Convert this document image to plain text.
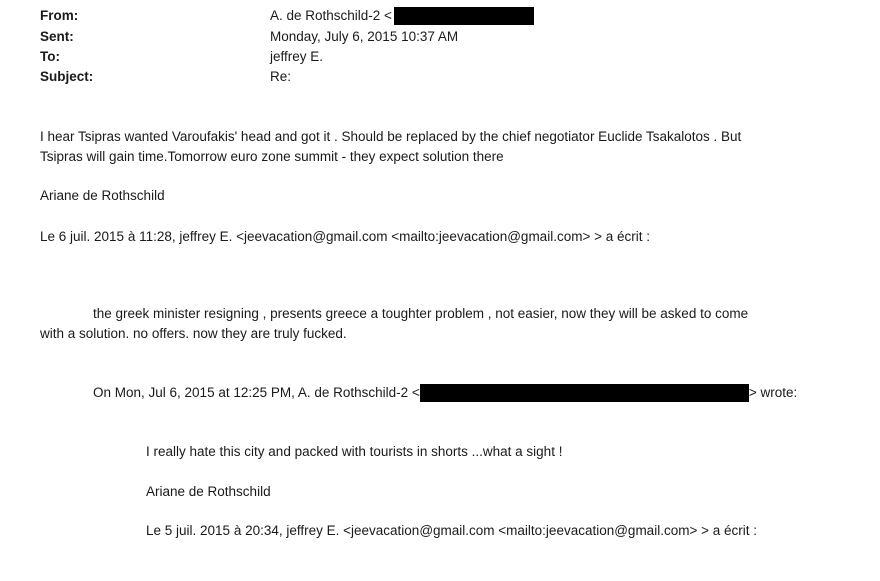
From:	A. de Rothschild-2 <
Sent:	Monday, July 6, 2015 10:37 AM
To:	jeffrey E.
Subject:	Re:
I hear Tsipras wanted Varoufakis' head and got it . Should be replaced by the chief negotiator Euclide Tsakalotos . But
Tsipras will gain time.Tomorrow euro zone summit - they expect solution there
Ariane de Rothschild
Le 6 juil. 2015 à 11:28, jeffrey E. <jeevacation@gmail.com <mailto:jeevacation@gmail.com> > a écrit :
the greek minister resigning , presents greece a toughter problem , not easier, now they will be asked to come
with a solution. no offers. now they are truly fucked.
On Mon, Jul 6, 2015 at 12:25 PM, A. de Rothschild-2 <	> wrote:
I really hate this city and packed with tourists in shorts ...what a sight !
Ariane de Rothschild
Le 5 juil. 2015 à 20:34, jeffrey E. <jeevacation@gmail.com <mailto:jeevacation@gmail.com> > a écrit :
